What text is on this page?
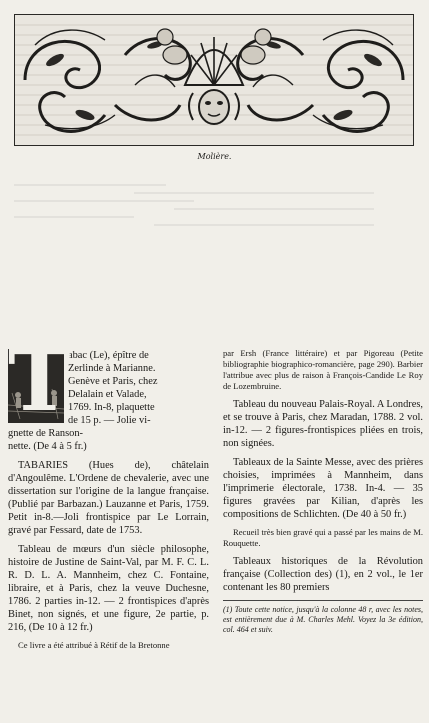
Molière.
T

abac (Le), épître de
Zerlinde à Marianne.
Genève et Paris, chez
Delalain et Valade,
1769. In-8, plaquette
de 15 p. — Jolie vi-
gnette de Ranson-

nette. (De 4 à 5 fr.)

TABARIES (Hues de), châtelain d'Angoulême. L'Ordene de chevalerie, avec une dissertation sur l'origine de la langue française. (Publié par Barbazan.) Lauzanne et Paris, 1759. Petit in-8.—Joli frontispice par Le Lorrain, gravé par Fessard, date de 1753.

Tableau de mœurs d'un siècle philosophe, histoire de Justine de Saint-Val, par M. F. C. L. R. D. L. A. Mannheim, chez C. Fontaine, libraire, et à Paris, chez la veuve Duchesne, 1786. 2 parties in-12. — 2 frontispices d'après Binet, non signés, et une figure, 2e partie, p. 216, (De 10 à 12 fr.)

Ce livre a été attribué à Rétif de la Bretonne

par Ersh (France littéraire) et par Pigoreau (Petite bibliographie biographico-romancière, page 290). Barbier l'attribue avec plus de raison à François-Candide Le Roy de Lozembruine.

Tableau du nouveau Palais-Royal. A Londres, et se trouve à Paris, chez Maradan, 1788. 2 vol. in-12. — 2 figures-frontispices pliées en trois, non signées.

Tableaux de la Sainte Messe, avec des prières choisies, imprimées à Mannheim, dans l'imprimerie électorale, 1738. In-4. — 35 figures gravées par Kilian, d'après les compositions de Schlichten. (De 40 à 50 fr.)

Recueil très bien gravé qui a passé par les mains de M. Rouquette.

Tableaux historiques de la Révolution française (Collection des) (1), en 2 vol., le 1er contenant les 80 premiers

(1) Toute cette notice, jusqu'à la colonne 48 r, avec les notes, est entièrement due à M. Charles Mehl. Voyez la 3e édition, col. 464 et suiv.
